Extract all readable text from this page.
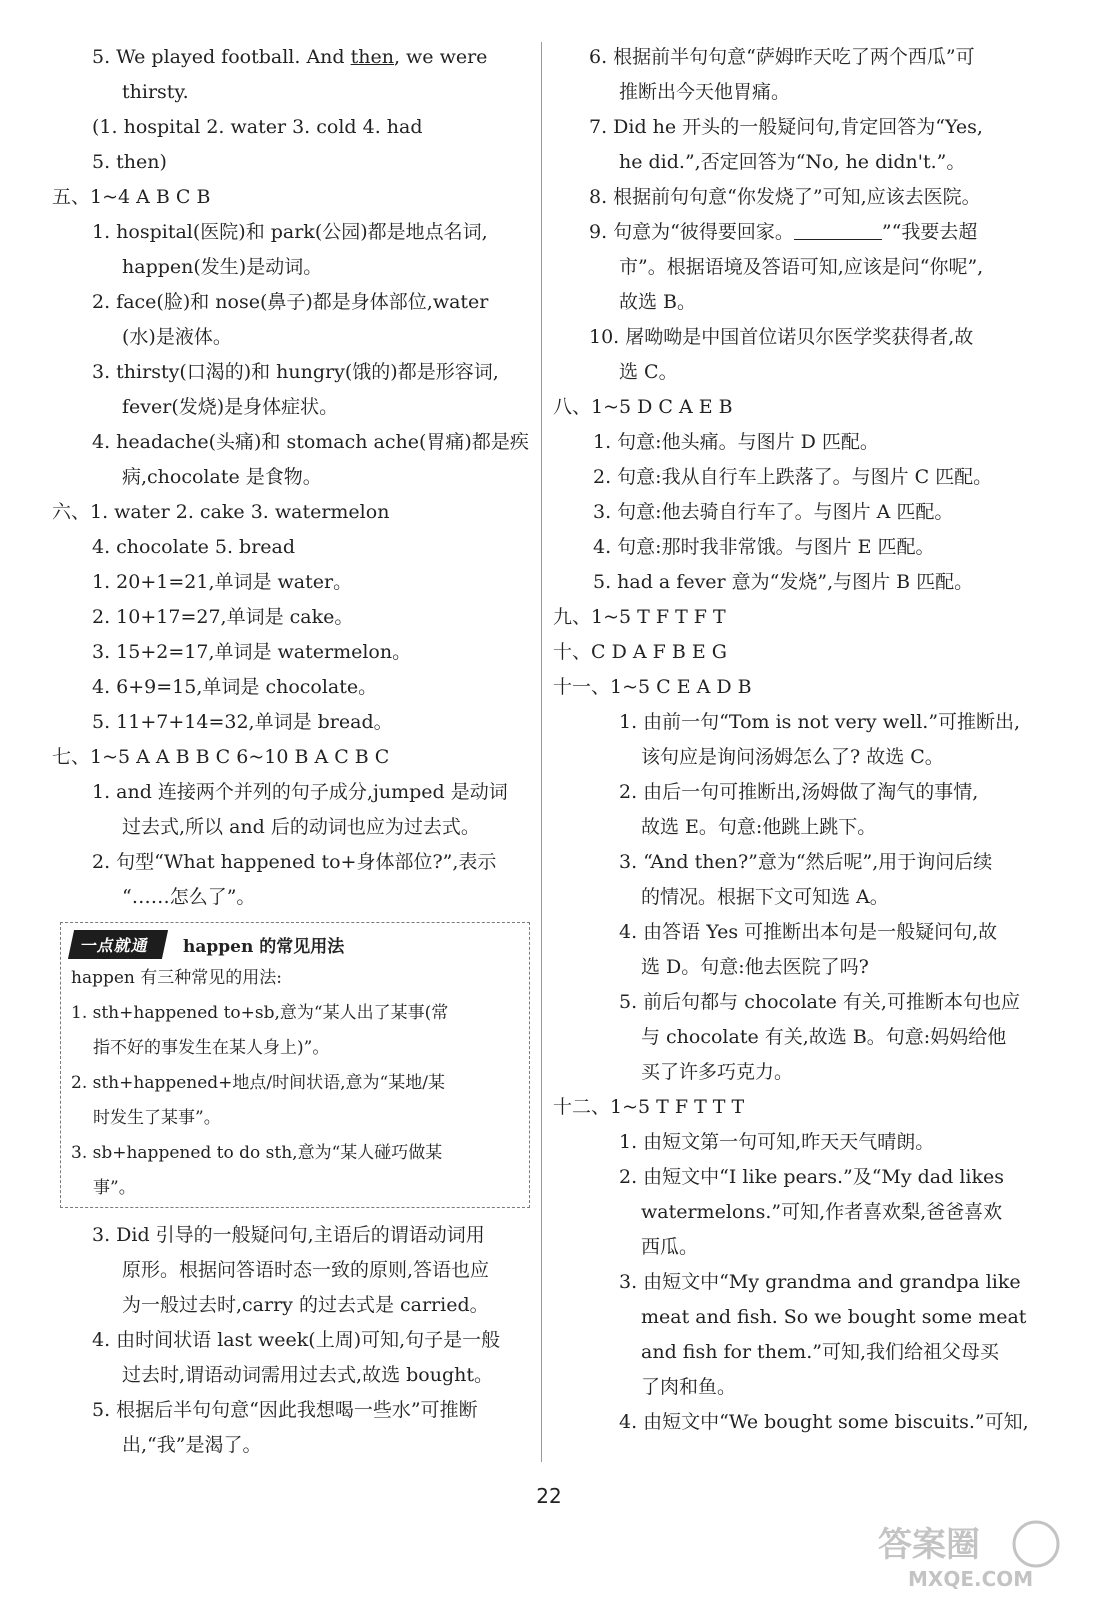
5. We played football. And then, we were
thirsty.
(1. hospital 2. water 3. cold 4. had
5. then)
五、1~4 A B C B
1. hospital(医院)和 park(公园)都是地点名词,
happen(发生)是动词。
2. face(脸)和 nose(鼻子)都是身体部位,water
(水)是液体。
3. thirsty(口渴的)和 hungry(饿的)都是形容词,
fever(发烧)是身体症状。
4. headache(头痛)和 stomach ache(胃痛)都是疾
病,chocolate 是食物。
六、1. water 2. cake 3. watermelon
4. chocolate 5. bread
1. 20+1=21,单词是 water。
2. 10+17=27,单词是 cake。
3. 15+2=17,单词是 watermelon。
4. 6+9=15,单词是 chocolate。
5. 11+7+14=32,单词是 bread。
七、1~5 A A B B C 6~10 B A C B C
1. and 连接两个并列的句子成分,jumped 是动词
过去式,所以 and 后的动词也应为过去式。
2. 句型“What happened to+身体部位?”,表示
“……怎么了”。
一点就通	happen 的常见用法
happen 有三种常见的用法:
1. sth+happened to+sb,意为“某人出了某事(常
指不好的事发生在某人身上)”。
2. sth+happened+地点/时间状语,意为“某地/某
时发生了某事”。
3. sb+happened to do sth,意为“某人碰巧做某
事”。
3. Did 引导的一般疑问句,主语后的谓语动词用
原形。根据问答语时态一致的原则,答语也应
为一般过去时,carry 的过去式是 carried。
4. 由时间状语 last week(上周)可知,句子是一般
过去时,谓语动词需用过去式,故选 bought。
5. 根据后半句句意“因此我想喝一些水”可推断
出,“我”是渴了。
6. 根据前半句句意“萨姆昨天吃了两个西瓜”可
推断出今天他胃痛。
7. Did he 开头的一般疑问句,肯定回答为“Yes,
he did.”,否定回答为“No, he didn't.”。
8. 根据前句句意“你发烧了”可知,应该去医院。
9. 句意为“彼得要回家。	”“我要去超
市”。根据语境及答语可知,应该是问“你呢”,
故选 B。
10. 屠呦呦是中国首位诺贝尔医学奖获得者,故
选 C。
八、1~5 D C A E B
1. 句意:他头痛。与图片 D 匹配。
2. 句意:我从自行车上跌落了。与图片 C 匹配。
3. 句意:他去骑自行车了。与图片 A 匹配。
4. 句意:那时我非常饿。与图片 E 匹配。
5. had a fever 意为“发烧”,与图片 B 匹配。
九、1~5 T F T F T
十、C D A F B E G
十一、1~5 C E A D B
1. 由前一句“Tom is not very well.”可推断出,
该句应是询问汤姆怎么了? 故选 C。
2. 由后一句可推断出,汤姆做了淘气的事情,
故选 E。句意:他跳上跳下。
3. “And then?”意为“然后呢”,用于询问后续
的情况。根据下文可知选 A。
4. 由答语 Yes 可推断出本句是一般疑问句,故
选 D。句意:他去医院了吗?
5. 前后句都与 chocolate 有关,可推断本句也应
与 chocolate 有关,故选 B。句意:妈妈给他
买了许多巧克力。
十二、1~5 T F T T T
1. 由短文第一句可知,昨天天气晴朗。
2. 由短文中“I like pears.”及“My dad likes
watermelons.”可知,作者喜欢梨,爸爸喜欢
西瓜。
3. 由短文中“My grandma and grandpa like
meat and fish. So we bought some meat
and fish for them.”可知,我们给祖父母买
了肉和鱼。
4. 由短文中“We bought some biscuits.”可知,
22
答案圈
MXQE.COM
